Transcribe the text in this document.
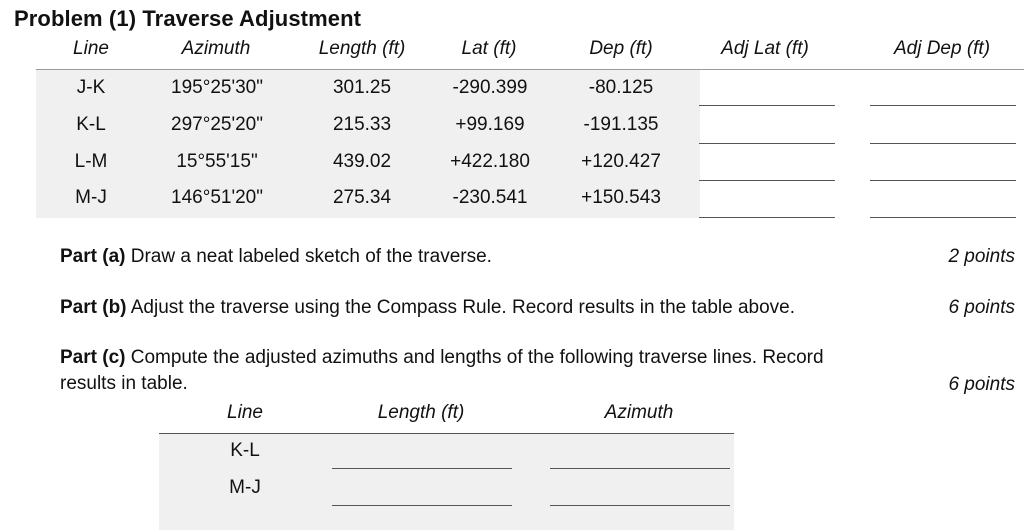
Problem (1) Traverse Adjustment
Line	Azimuth	Length (ft)	Lat (ft)	Dep (ft)	Adj Lat (ft)	Adj Dep (ft)
J-K	195°25'30"	301.25	-290.399	-80.125
K-L	297°25'20"	215.33	+99.169	-191.135
L-M	15°55'15"	439.02	+422.180	+120.427
M-J	146°51'20"	275.34	-230.541	+150.543
Part (a) Draw a neat labeled sketch of the traverse.	2 points
Part (b) Adjust the traverse using the Compass Rule. Record results in the table above.	6 points
Part (c) Compute the adjusted azimuths and lengths of the following traverse lines. Record
results in table.	6 points
Line	Length (ft)	Azimuth
K-L
M-J
